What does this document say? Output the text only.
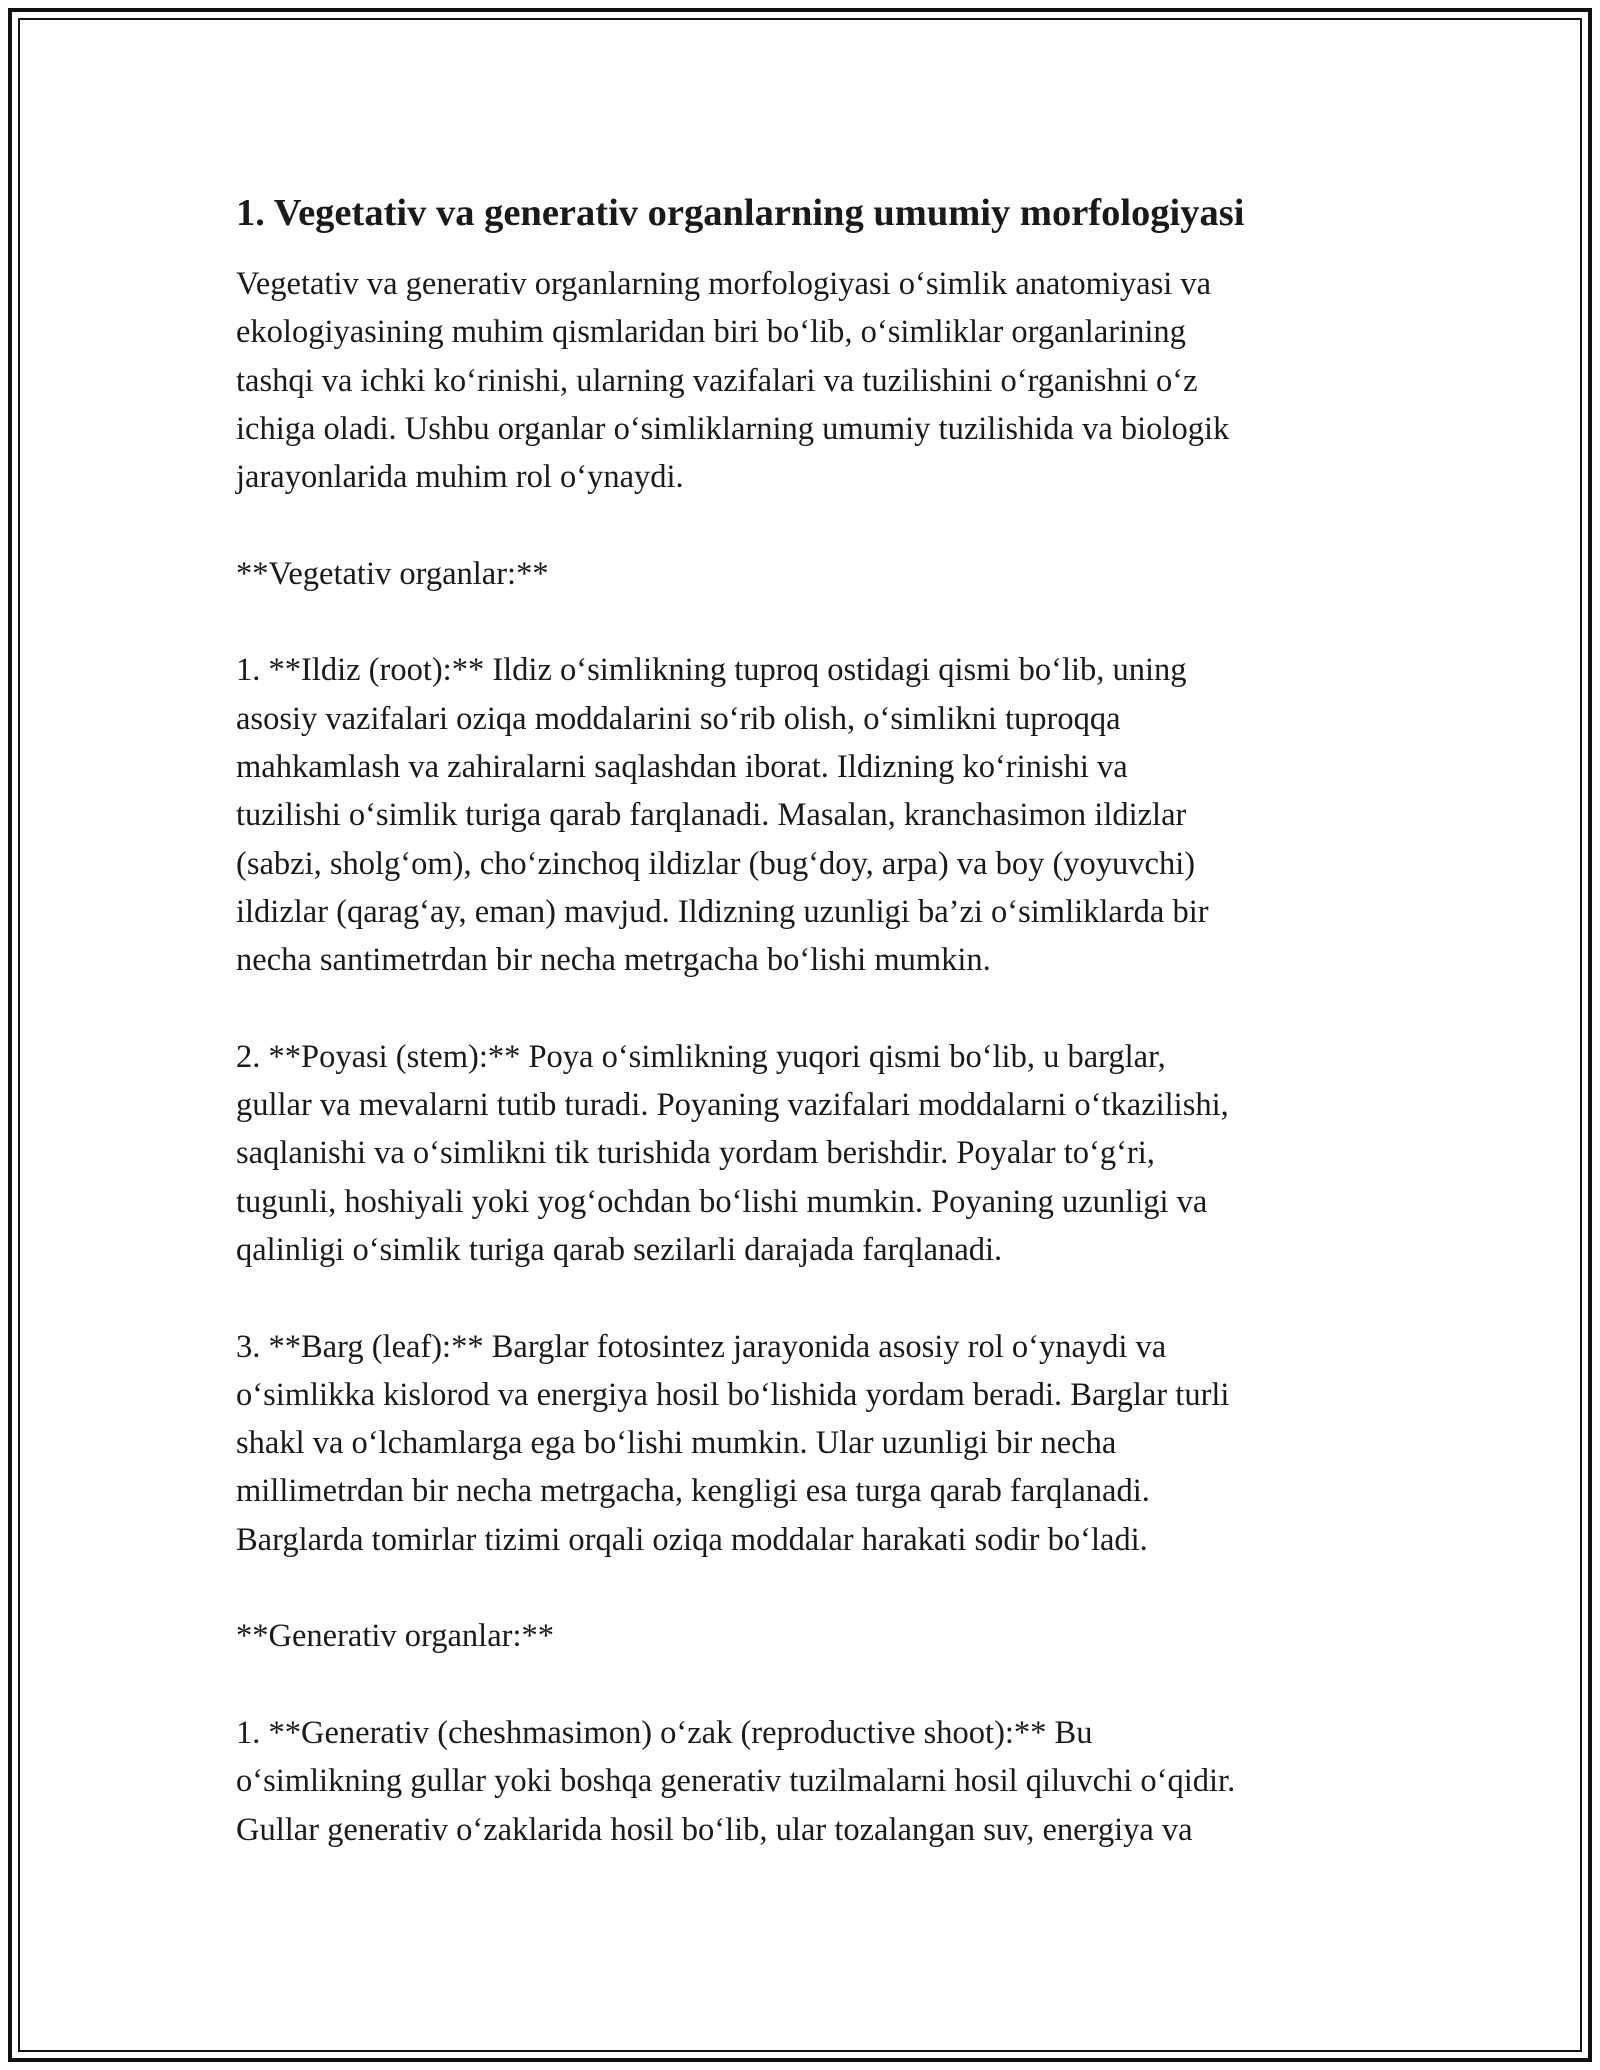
1. Vegetativ va generativ organlarning umumiy morfologiyasi

Vegetativ va generativ organlarning morfologiyasi o‘simlik anatomiyasi va
ekologiyasining muhim qismlaridan biri bo‘lib, o‘simliklar organlarining
tashqi va ichki ko‘rinishi, ularning vazifalari va tuzilishini o‘rganishni o‘z
ichiga oladi. Ushbu organlar o‘simliklarning umumiy tuzilishida va biologik
jarayonlarida muhim rol o‘ynaydi.

**Vegetativ organlar:**

1. **Ildiz (root):** Ildiz o‘simlikning tuproq ostidagi qismi bo‘lib, uning
asosiy vazifalari oziqa moddalarini so‘rib olish, o‘simlikni tuproqqa
mahkamlash va zahiralarni saqlashdan iborat. Ildizning ko‘rinishi va
tuzilishi o‘simlik turiga qarab farqlanadi. Masalan, kranchasimon ildizlar
(sabzi, sholg‘om), cho‘zinchoq ildizlar (bug‘doy, arpa) va boy (yoyuvchi)
ildizlar (qarag‘ay, eman) mavjud. Ildizning uzunligi ba’zi o‘simliklarda bir
necha santimetrdan bir necha metrgacha bo‘lishi mumkin.

2. **Poyasi (stem):** Poya o‘simlikning yuqori qismi bo‘lib, u barglar,
gullar va mevalarni tutib turadi. Poyaning vazifalari moddalarni o‘tkazilishi,
saqlanishi va o‘simlikni tik turishida yordam berishdir. Poyalar to‘g‘ri,
tugunli, hoshiyali yoki yog‘ochdan bo‘lishi mumkin. Poyaning uzunligi va
qalinligi o‘simlik turiga qarab sezilarli darajada farqlanadi.

3. **Barg (leaf):** Barglar fotosintez jarayonida asosiy rol o‘ynaydi va
o‘simlikka kislorod va energiya hosil bo‘lishida yordam beradi. Barglar turli
shakl va o‘lchamlarga ega bo‘lishi mumkin. Ular uzunligi bir necha
millimetrdan bir necha metrgacha, kengligi esa turga qarab farqlanadi.
Barglarda tomirlar tizimi orqali oziqa moddalar harakati sodir bo‘ladi.

**Generativ organlar:**

1. **Generativ (cheshmasimon) o‘zak (reproductive shoot):** Bu
o‘simlikning gullar yoki boshqa generativ tuzilmalarni hosil qiluvchi o‘qidir.
Gullar generativ o‘zaklarida hosil bo‘lib, ular tozalangan suv, energiya va
